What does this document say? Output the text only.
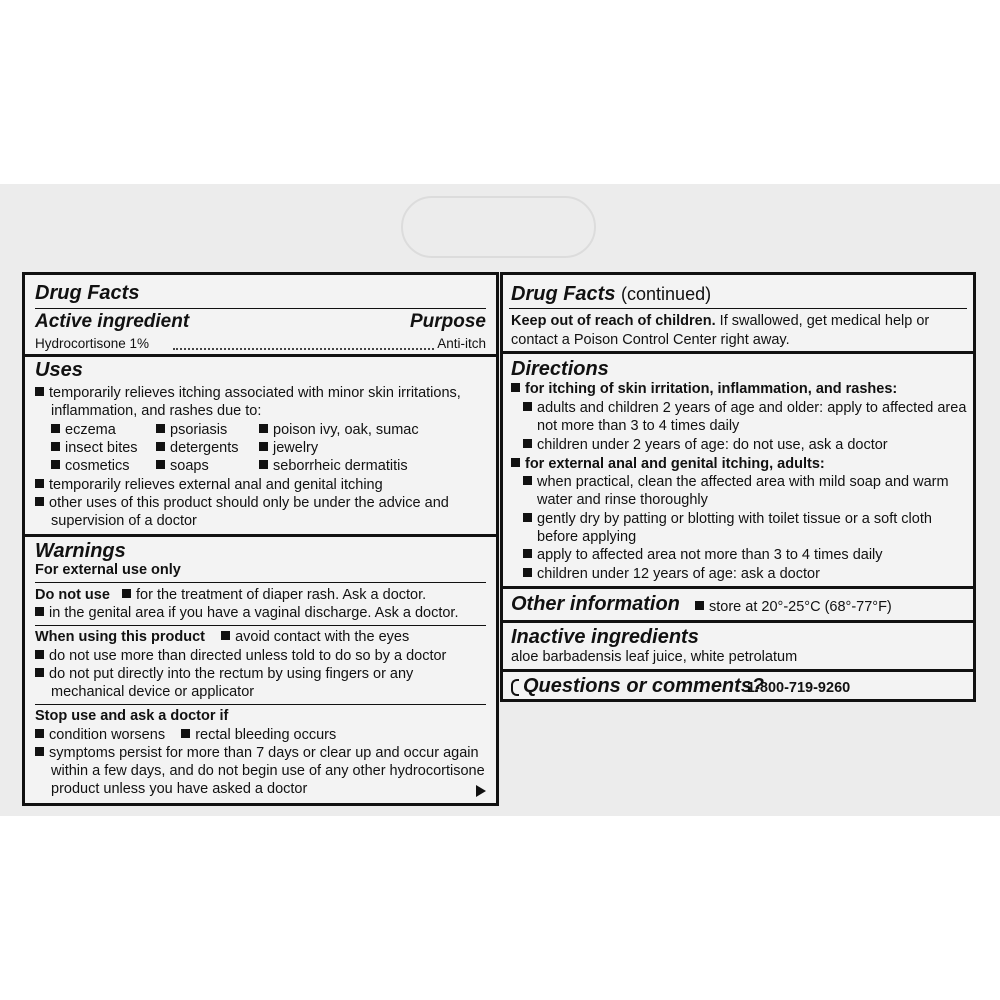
Drug Facts
Active ingredient	Purpose
Hydrocortisone 1%	Anti-itch
Uses
temporarily relieves itching associated with minor skin irritations,
inflammation, and rashes due to:
eczema	psoriasis	poison ivy, oak, sumac
insect bites	detergents	jewelry
cosmetics	soaps	seborrheic dermatitis
temporarily relieves external anal and genital itching
other uses of this product should only be under the advice and
supervision of a doctor
Warnings
For external use only
Do not use for the treatment of diaper rash. Ask a doctor.
in the genital area if you have a vaginal discharge. Ask a doctor.
When using this product avoid contact with the eyes
do not use more than directed unless told to do so by a doctor
do not put directly into the rectum by using fingers or any
mechanical device or applicator
Stop use and ask a doctor if
condition worsens rectal bleeding occurs
symptoms persist for more than 7 days or clear up and occur again
within a few days, and do not begin use of any other hydrocortisone
product unless you have asked a doctor
Drug Facts (continued)
Keep out of reach of children. If swallowed, get medical help or
contact a Poison Control Center right away.
Directions
for itching of skin irritation, inflammation, and rashes:
adults and children 2 years of age and older: apply to affected area
not more than 3 to 4 times daily
children under 2 years of age: do not use, ask a doctor
for external anal and genital itching, adults:
when practical, clean the affected area with mild soap and warm
water and rinse thoroughly
gently dry by patting or blotting with toilet tissue or a soft cloth
before applying
apply to affected area not more than 3 to 4 times daily
children under 12 years of age: ask a doctor
Other information	store at 20°-25°C (68°-77°F)
Inactive ingredients
aloe barbadensis leaf juice, white petrolatum
Questions or comments?
1-800-719-9260
